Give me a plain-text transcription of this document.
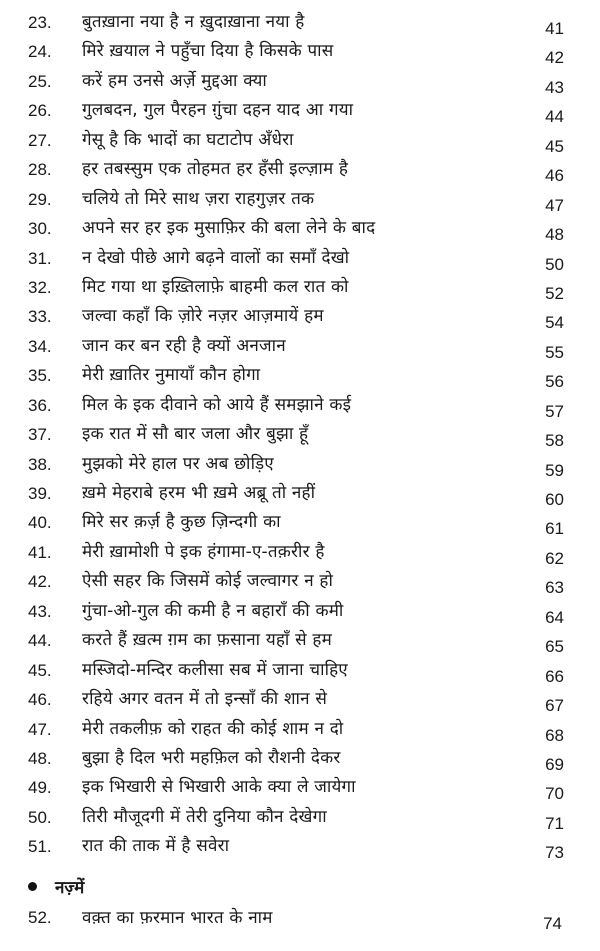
23. बुतख़ाना नया है न ख़ुदाख़ाना नया है	41
24. मिरे ख़याल ने पहुँचा दिया है किसके पास	42
25. करें हम उनसे अर्ज़े मुद्दआ क्या	43
26. गुलबदन, गुल पैरहन ग़ुंचा दहन याद आ गया	44
27. गेसू है कि भादों का घटाटोप अँधेरा	45
28. हर तबस्सुम एक तोहमत हर हँसी इल्ज़ाम है	46
29. चलिये तो मिरे साथ ज़रा राहगुज़र तक	47
30. अपने सर हर इक मुसाफ़िर की बला लेने के बाद	48
31. न देखो पीछे आगे बढ़ने वालों का समाँ देखो	50
32. मिट गया था इख़्तिलाफ़े बाहमी कल रात को	52
33. जल्वा कहाँ कि ज़ोरे नज़र आज़मायें हम	54
34. जान कर बन रही है क्यों अनजान	55
35. मेरी ख़ातिर नुमायाँ कौन होगा	56
36. मिल के इक दीवाने को आये हैं समझाने कई	57
37. इक रात में सौ बार जला और बुझा हूँ	58
38. मुझको मेरे हाल पर अब छोड़िए	59
39. ख़मे मेहराबे हरम भी ख़मे अब्रू तो नहीं	60
40. मिरे सर क़र्ज़ है कुछ ज़िन्दगी का	61
41. मेरी ख़ामोशी पे इक हंगामा-ए-तक़रीर है	62
42. ऐसी सहर कि जिसमें कोई जल्वागर न हो	63
43. गुंचा-ओ-गुल की कमी है न बहाराँ की कमी	64
44. करते हैं ख़त्म ग़म का फ़साना यहाँ से हम	65
45. मस्जिदो-मन्दिर कलीसा सब में जाना चाहिए	66
46. रहिये अगर वतन में तो इन्साँ की शान से	67
47. मेरी तकलीफ़ को राहत की कोई शाम न दो	68
48. बुझा है दिल भरी महफ़िल को रौशनी देकर	69
49. इक भिखारी से भिखारी आके क्या ले जायेगा	70
50. तिरी मौजूदगी में तेरी दुनिया कौन देखेगा	71
51. रात की ताक में है सवेरा	73
नज़्में
52. वक़्त का फ़रमान भारत के नाम	74
